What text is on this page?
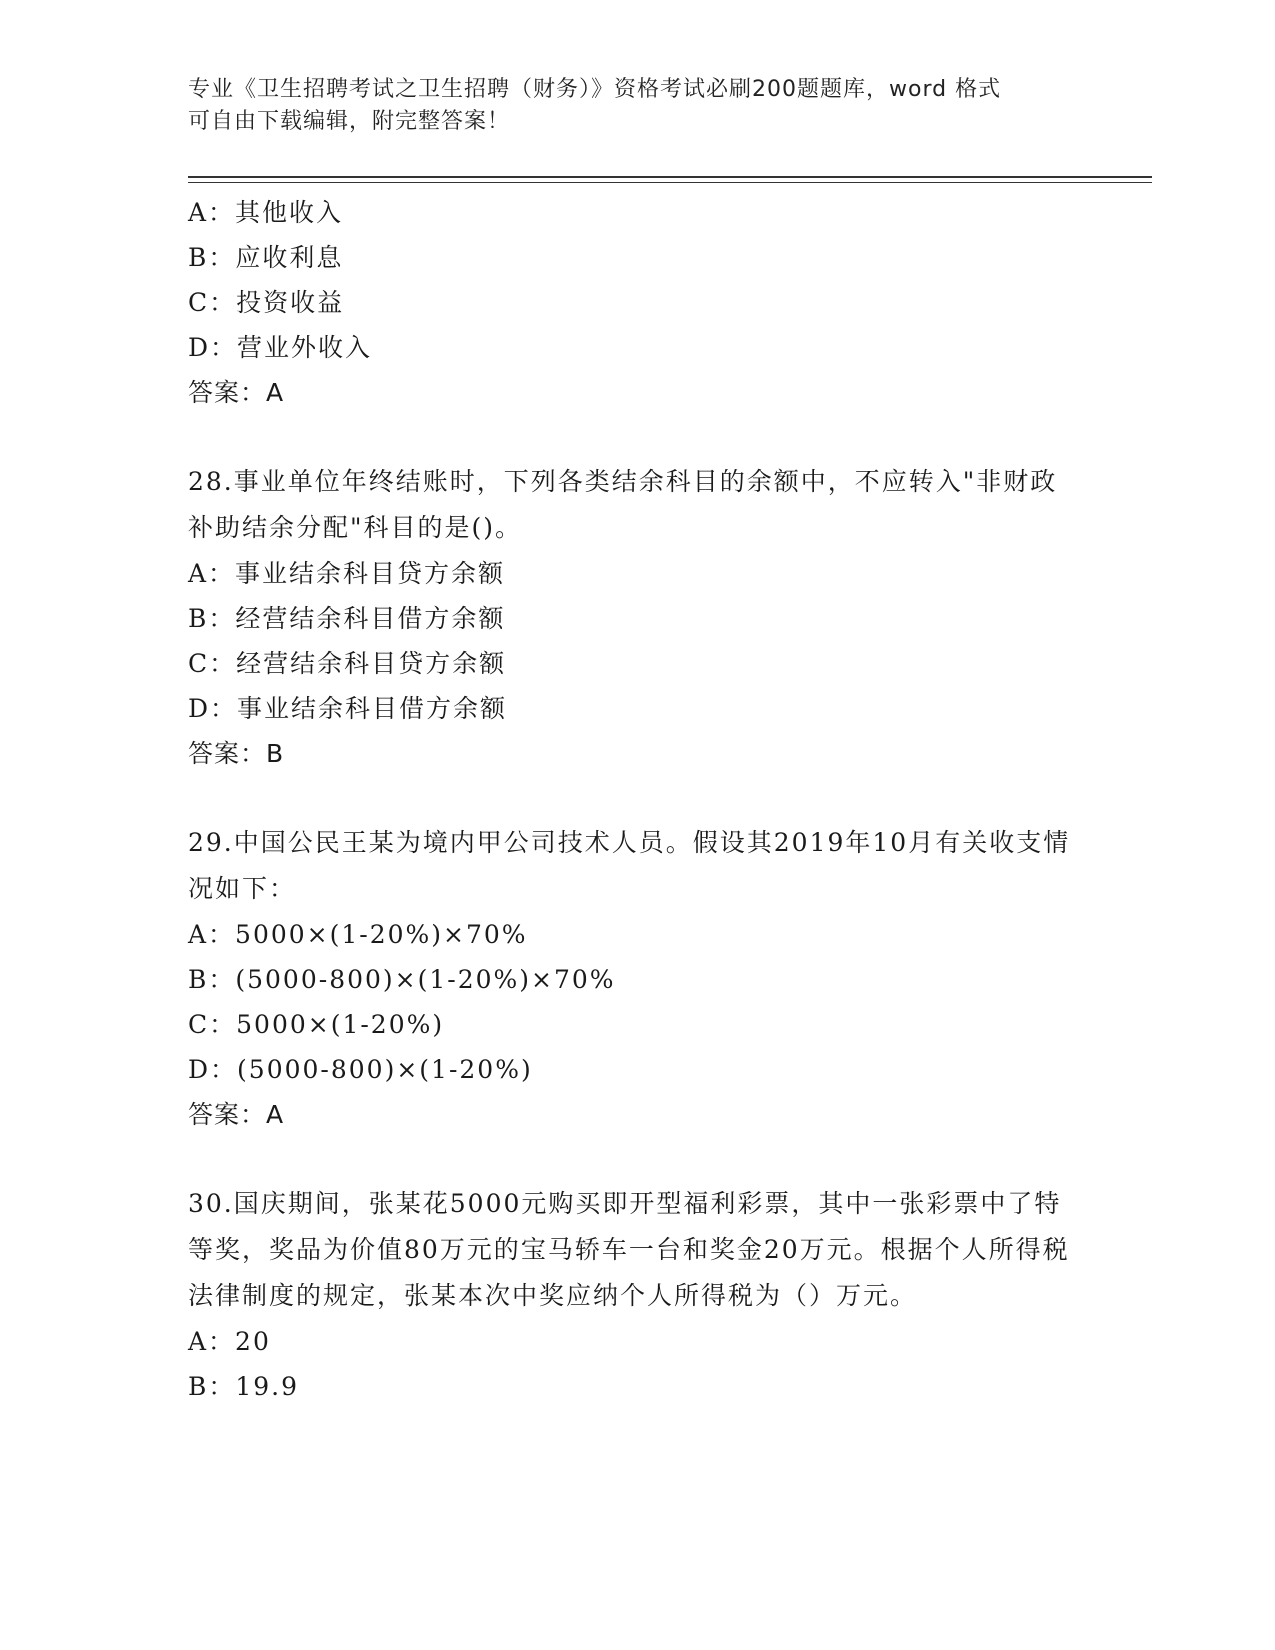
专业《卫生招聘考试之卫生招聘（财务）》资格考试必刷200题题库，word 格式
可自由下载编辑，附完整答案！
A：其他收入
B：应收利息
C：投资收益
D：营业外收入
答案：A
28.事业单位年终结账时，下列各类结余科目的余额中，不应转入"非财政补助结余分配"科目的是()。
A：事业结余科目贷方余额
B：经营结余科目借方余额
C：经营结余科目贷方余额
D：事业结余科目借方余额
答案：B
29.中国公民王某为境内甲公司技术人员。假设其2019年10月有关收支情况如下：
A：5000×(1-20%)×70%
B：(5000-800)×(1-20%)×70%
C：5000×(1-20%)
D：(5000-800)×(1-20%)
答案：A
30.国庆期间，张某花5000元购买即开型福利彩票，其中一张彩票中了特等奖，奖品为价值80万元的宝马轿车一台和奖金20万元。根据个人所得税法律制度的规定，张某本次中奖应纳个人所得税为（）万元。
A：20
B：19.9
